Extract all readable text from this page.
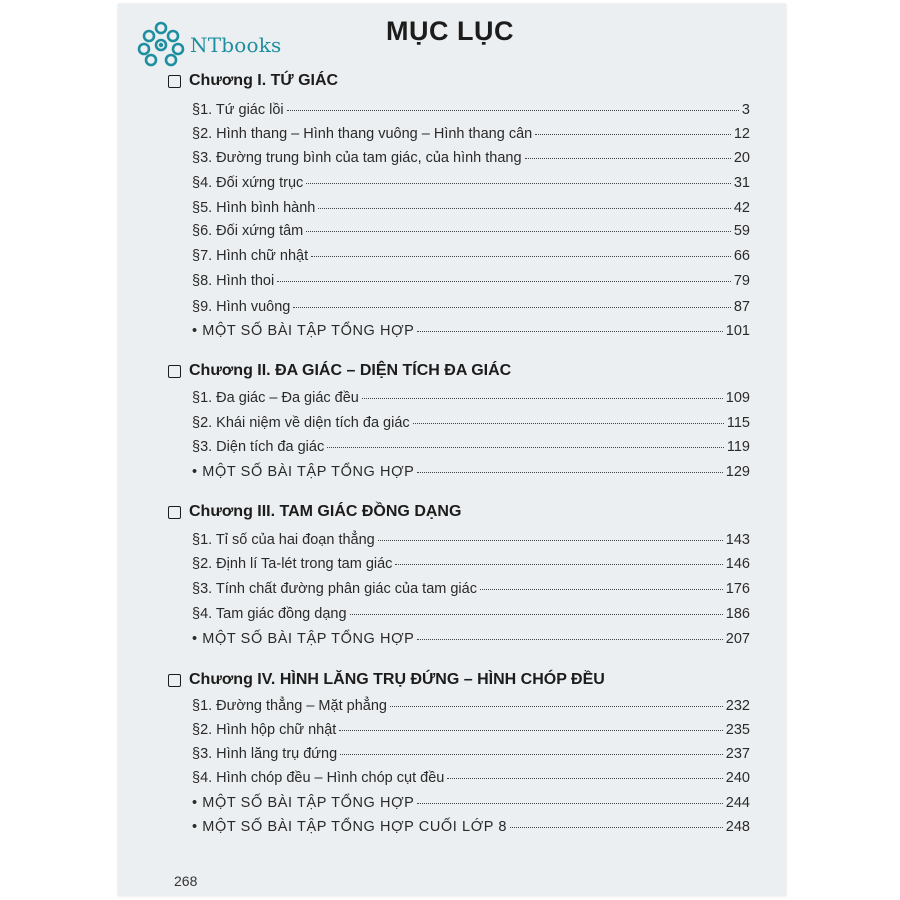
NTbooks	MỤC LỤC
Chương I. TỨ GIÁC
§1. Tứ giác lồi	3
§2. Hình thang – Hình thang vuông – Hình thang cân	12
§3. Đường trung bình của tam giác, của hình thang	20
§4. Đối xứng trục	31
§5. Hình bình hành	42
§6. Đối xứng tâm	59
§7. Hình chữ nhật	66
§8. Hình thoi	79
§9. Hình vuông	87
• MỘT SỐ BÀI TẬP TỔNG HỢP	101
Chương II. ĐA GIÁC – DIỆN TÍCH ĐA GIÁC
§1. Đa giác – Đa giác đều	109
§2. Khái niệm về diện tích đa giác	115
§3. Diện tích đa giác	119
• MỘT SỐ BÀI TẬP TỔNG HỢP	129
Chương III. TAM GIÁC ĐỒNG DẠNG
§1. Tỉ số của hai đoạn thẳng	143
§2. Định lí Ta-lét trong tam giác	146
§3. Tính chất đường phân giác của tam giác	176
§4. Tam giác đồng dạng	186
• MỘT SỐ BÀI TẬP TỔNG HỢP	207
Chương IV. HÌNH LĂNG TRỤ ĐỨNG – HÌNH CHÓP ĐỀU
§1. Đường thẳng – Mặt phẳng	232
§2. Hình hộp chữ nhật	235
§3. Hình lăng trụ đứng	237
§4. Hình chóp đều – Hình chóp cụt đều	240
• MỘT SỐ BÀI TẬP TỔNG HỢP	244
• MỘT SỐ BÀI TẬP TỔNG HỢP CUỐI LỚP 8	248
268
